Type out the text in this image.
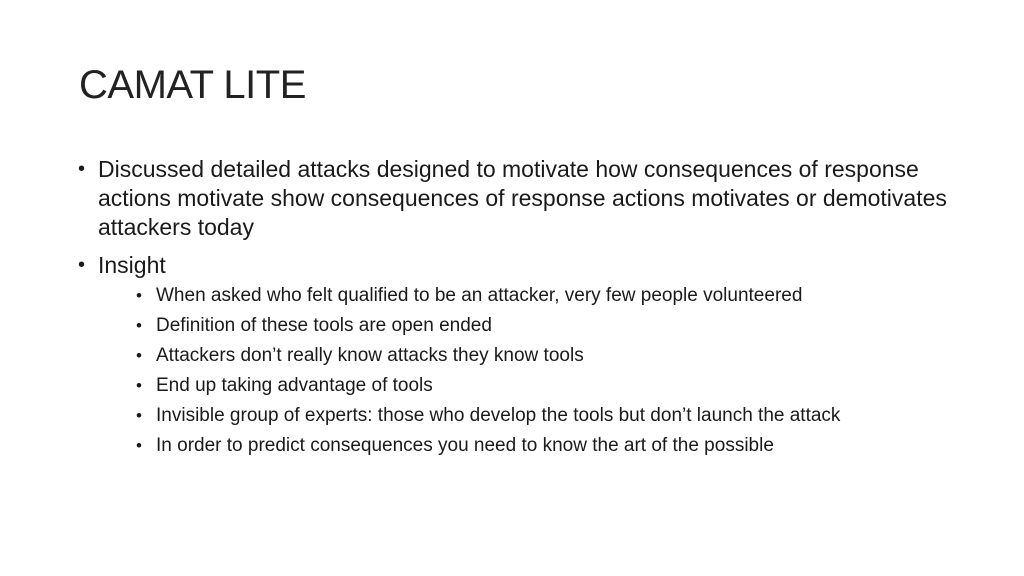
CAMAT LITE
• Discussed detailed attacks designed to motivate how consequences of response actions motivate show consequences of response actions motivates or demotivates attackers today
• Insight
• When asked who felt qualified to be an attacker, very few people volunteered
• Definition of these tools are open ended
• Attackers don’t really know attacks they know tools
• End up taking advantage of tools
• Invisible group of experts: those who develop the tools but don’t launch the attack
• In order to predict consequences you need to know the art of the possible
